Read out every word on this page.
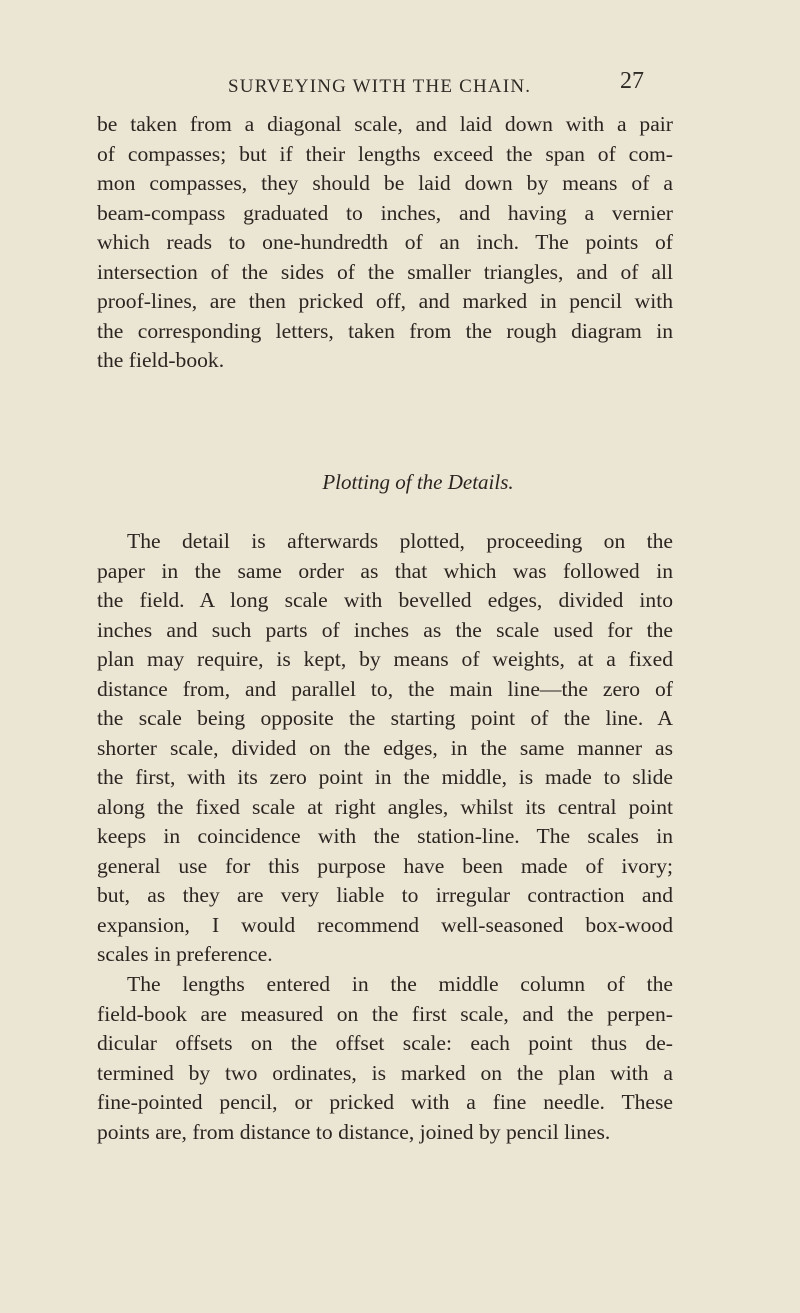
SURVEYING WITH THE CHAIN.	27
be taken from a diagonal scale, and laid down with a pair
of compasses; but if their lengths exceed the span of com-
mon compasses, they should be laid down by means of a
beam-compass graduated to inches, and having a vernier
which reads to one-hundredth of an inch. The points of
intersection of the sides of the smaller triangles, and of all
proof-lines, are then pricked off, and marked in pencil with
the corresponding letters, taken from the rough diagram in
the field-book.
Plotting of the Details.
The detail is afterwards plotted, proceeding on the
paper in the same order as that which was followed in
the field. A long scale with bevelled edges, divided into
inches and such parts of inches as the scale used for the
plan may require, is kept, by means of weights, at a fixed
distance from, and parallel to, the main line—the zero of
the scale being opposite the starting point of the line. A
shorter scale, divided on the edges, in the same manner as
the first, with its zero point in the middle, is made to slide
along the fixed scale at right angles, whilst its central point
keeps in coincidence with the station-line. The scales in
general use for this purpose have been made of ivory;
but, as they are very liable to irregular contraction and
expansion, I would recommend well-seasoned box-wood
scales in preference.
The lengths entered in the middle column of the
field-book are measured on the first scale, and the perpen-
dicular offsets on the offset scale: each point thus de-
termined by two ordinates, is marked on the plan with a
fine-pointed pencil, or pricked with a fine needle. These
points are, from distance to distance, joined by pencil lines.
